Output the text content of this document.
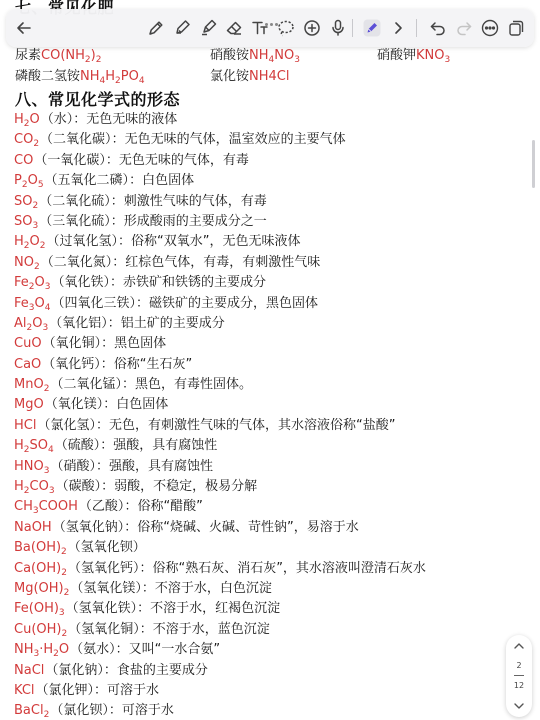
尿素$CO(NH_2)_2$	硝酸铵$NH_4NO_3$	硝酸钾$KNO_3$
磷酸二氢铵$NH_4H_2PO_4$	氯化铵NH4Cl
八、常见化学式的形态
$H_2O$（水）：无色无味的液体
$CO_2$（二氧化碳）：无色无味的气体，温室效应的主要气体
CO（一氧化碳）：无色无味的气体，有毒
$P_2O_5$（五氧化二磷）：白色固体
$SO_2$（二氧化硫）：刺激性气味的气体，有毒
$SO_3$（三氧化硫）：形成酸雨的主要成分之一
$H_2O_2$（过氧化氢）：俗称“双氧水”，无色无味液体
$NO_2$（二氧化氮）：红棕色气体，有毒，有刺激性气味
$Fe_2O_3$（氧化铁）：赤铁矿和铁锈的主要成分
$Fe_3O_4$（四氧化三铁）：磁铁矿的主要成分，黑色固体
$Al_2O_3$（氧化铝）：铝土矿的主要成分
CuO（氧化铜）：黑色固体
CaO（氧化钙）：俗称“生石灰”
MnO$_2$（二氧化锰）：黑色，有毒性固体。
MgO（氧化镁）：白色固体
HCl（氯化氢）：无色，有刺激性气味的气体，其水溶液俗称“盐酸”
$H_2SO_4$（硫酸）：强酸，具有腐蚀性
$HNO_3$（硝酸）：强酸，具有腐蚀性
$H_2CO_3$（碳酸）：弱酸，不稳定，极易分解
$CH_3COOH$（乙酸）：俗称“醋酸”
NaOH（氢氧化钠）：俗称“烧碱、火碱、苛性钠”，易溶于水
$Ba(OH)_2$（氢氧化钡）
$Ca(OH)_2$（氢氧化钙）：俗称“熟石灰、消石灰”，其水溶液叫澄清石灰水
$Mg(OH)_2$（氢氧化镁）：不溶于水，白色沉淀
$Fe(OH)_3$（氢氧化铁）：不溶于水，红褐色沉淀
$Cu(OH)_2$（氢氧化铜）：不溶于水，蓝色沉淀
$NH_3\cdot H_2O$（氨水）：又叫“一水合氨”
NaCl（氯化钠）：食盐的主要成分
KCl（氯化钾）：可溶于水
BaCl$_2$（氯化钡）：可溶于水
2
12
